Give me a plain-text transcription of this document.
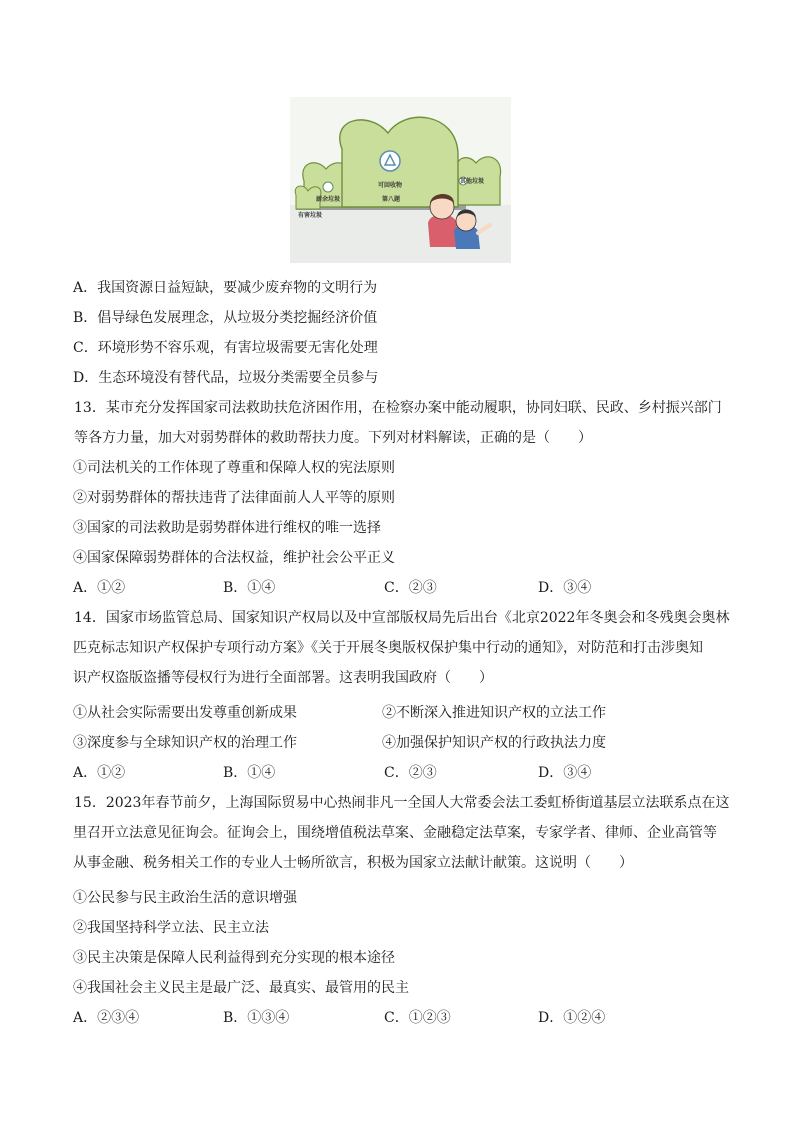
可回收物
第八题
厨余垃圾
其他垃圾
有害垃圾
A．我国资源日益短缺，要减少废弃物的文明行为
B．倡导绿色发展理念，从垃圾分类挖掘经济价值
C．环境形势不容乐观，有害垃圾需要无害化处理
D．生态环境没有替代品，垃圾分类需要全员参与
13．某市充分发挥国家司法救助扶危济困作用，在检察办案中能动履职，协同妇联、民政、乡村振兴部门
等各方力量，加大对弱势群体的救助帮扶力度。下列对材料解读，正确的是（　　）
①司法机关的工作体现了尊重和保障人权的宪法原则
②对弱势群体的帮扶违背了法律面前人人平等的原则
③国家的司法救助是弱势群体进行维权的唯一选择
④国家保障弱势群体的合法权益，维护社会公平正义
A．①②	B．①④	C．②③	D．③④
14．国家市场监管总局、国家知识产权局以及中宣部版权局先后出台《北京2022年冬奥会和冬残奥会奥林
匹克标志知识产权保护专项行动方案》《关于开展冬奥版权保护集中行动的通知》，对防范和打击涉奥知
识产权盗版盗播等侵权行为进行全面部署。这表明我国政府（　　）
①从社会实际需要出发尊重创新成果	②不断深入推进知识产权的立法工作
③深度参与全球知识产权的治理工作	④加强保护知识产权的行政执法力度
A．①②	B．①④	C．②③	D．③④
15．2023年春节前夕，上海国际贸易中心热闹非凡一全国人大常委会法工委虹桥街道基层立法联系点在这
里召开立法意见征询会。征询会上，围绕增值税法草案、金融稳定法草案，专家学者、律师、企业高管等
从事金融、税务相关工作的专业人士畅所欲言，积极为国家立法献计献策。这说明（　　）
①公民参与民主政治生活的意识增强
②我国坚持科学立法、民主立法
③民主决策是保障人民利益得到充分实现的根本途径
④我国社会主义民主是最广泛、最真实、最管用的民主
A．②③④	B．①③④	C．①②③	D．①②④
